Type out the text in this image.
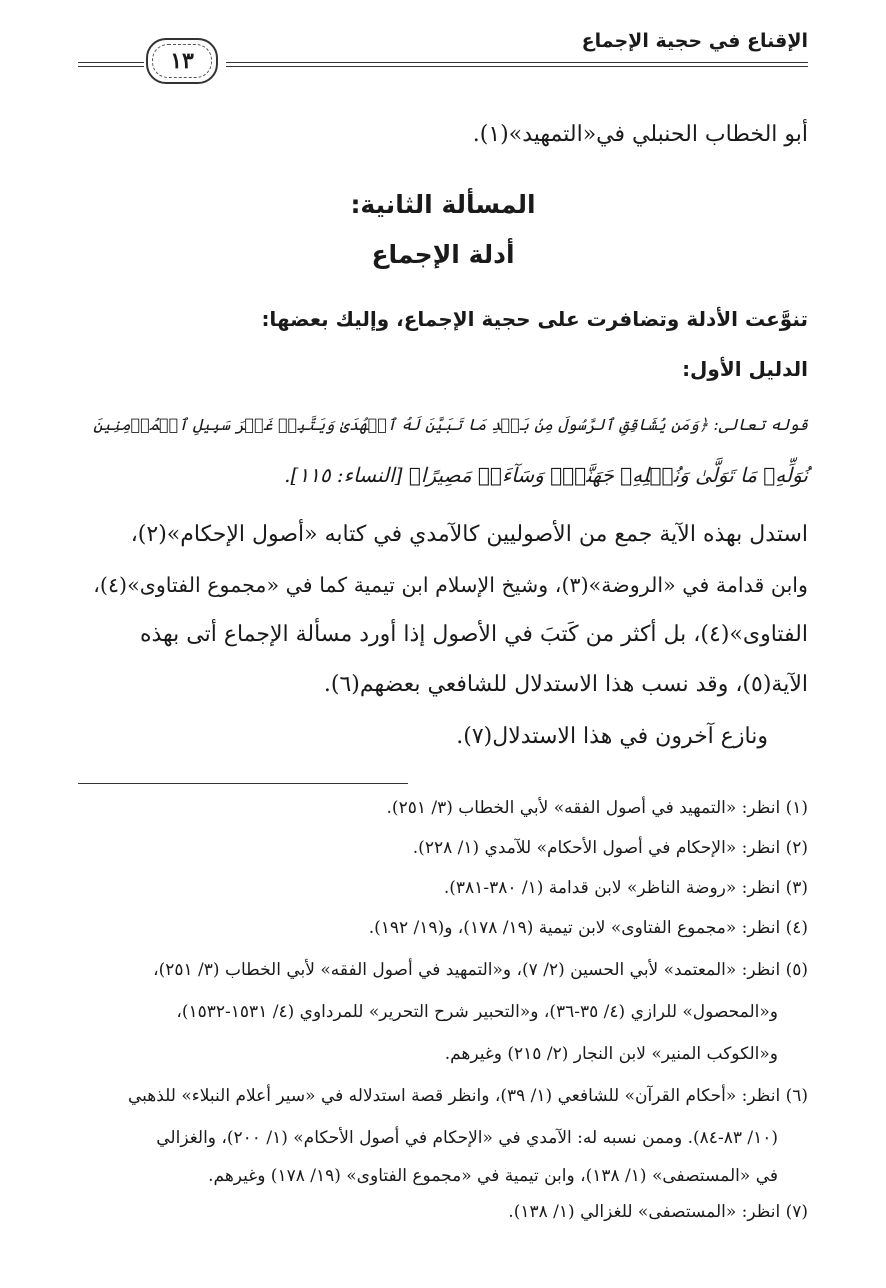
الإقناع في حجية الإجماع
١٣
أبو الخطاب الحنبلي في«التمهيد»(١).
المسألة الثانية:
أدلة الإجماع
تنوَّعت الأدلة وتضافرت على حجية الإجماع، وإليك بعضها:
الدليل الأول:
قوله تعالى: ﴿وَمَن يُشَاقِقِ ٱلرَّسُولَ مِنۢ بَعۡدِ مَا تَبَيَّنَ لَهُ ٱلۡهُدَىٰ وَيَتَّبِعۡ غَيۡرَ سَبِيلِ ٱلۡمُؤۡمِنِينَ
نُوَلِّهِۦ مَا تَوَلَّىٰ وَنُصۡلِهِۦ جَهَنَّمَۖ وَسَآءَتۡ مَصِيرًا﴾ [النساء: ١١٥].
استدل بهذه الآية جمع من الأصوليين كالآمدي في كتابه «أصول الإحكام»(٢)،
وابن قدامة في «الروضة»(٣)، وشيخ الإسلام ابن تيمية كما في «مجموع الفتاوى»(٤)،
الفتاوى»(٤)، بل أكثر من كَتبَ في الأصول إذا أورد مسألة الإجماع أتى بهذه
الآية(٥)، وقد نسب هذا الاستدلال للشافعي بعضهم(٦).
ونازع آخرون في هذا الاستدلال(٧).
(١) انظر: «التمهيد في أصول الفقه» لأبي الخطاب (٣/ ٢٥١).
(٢) انظر: «الإحكام في أصول الأحكام» للآمدي (١/ ٢٢٨).
(٣) انظر: «روضة الناظر» لابن قدامة (١/ ٣٨٠-٣٨١).
(٤) انظر: «مجموع الفتاوى» لابن تيمية (١٩/ ١٧٨)، و(١٩/ ١٩٢).
(٥) انظر: «المعتمد» لأبي الحسين (٢/ ٧)، و«التمهيد في أصول الفقه» لأبي الخطاب (٣/ ٢٥١)،
و«المحصول» للرازي (٤/ ٣٥-٣٦)، و«التحبير شرح التحرير» للمرداوي (٤/ ١٥٣١-١٥٣٢)،
و«الكوكب المنير» لابن النجار (٢/ ٢١٥) وغيرهم.
(٦) انظر: «أحكام القرآن» للشافعي (١/ ٣٩)، وانظر قصة استدلاله في «سير أعلام النبلاء» للذهبي
(١٠/ ٨٣-٨٤). وممن نسبه له: الآمدي في «الإحكام في أصول الأحكام» (١/ ٢٠٠)، والغزالي
في «المستصفى» (١/ ١٣٨)، وابن تيمية في «مجموع الفتاوى» (١٩/ ١٧٨) وغيرهم.
(٧) انظر: «المستصفى» للغزالي (١/ ١٣٨).
